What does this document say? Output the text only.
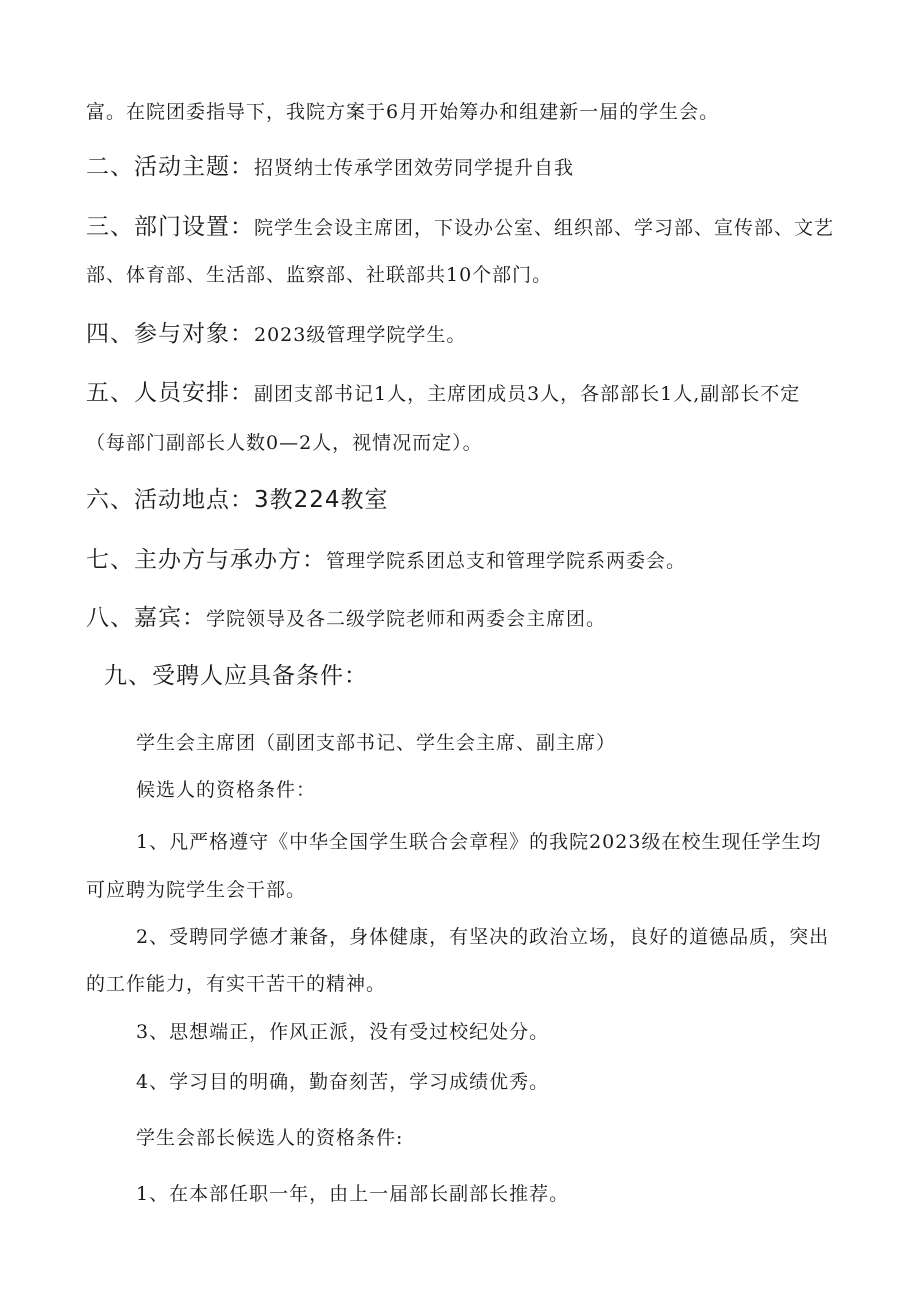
富。在院团委指导下，我院方案于6月开始筹办和组建新一届的学生会。
二、活动主题：招贤纳士传承学团效劳同学提升自我
三、部门设置：院学生会设主席团，下设办公室、组织部、学习部、宣传部、文艺
部、体育部、生活部、监察部、社联部共10个部门。
四、参与对象：2023级管理学院学生。
五、人员安排：副团支部书记1人，主席团成员3人，各部部长1人,副部长不定
（每部门副部长人数0—2人，视情况而定）。
六、活动地点：3教224教室
七、主办方与承办方：管理学院系团总支和管理学院系两委会。
八、嘉宾：学院领导及各二级学院老师和两委会主席团。
九、受聘人应具备条件：
学生会主席团（副团支部书记、学生会主席、副主席）
候选人的资格条件：
1、凡严格遵守《中华全国学生联合会章程》的我院2023级在校生现任学生均
可应聘为院学生会干部。
2、受聘同学德才兼备，身体健康，有坚决的政治立场，良好的道德品质，突出
的工作能力，有实干苦干的精神。
3、思想端正，作风正派，没有受过校纪处分。
4、学习目的明确，勤奋刻苦，学习成绩优秀。
学生会部长候选人的资格条件:
1、在本部任职一年，由上一届部长副部长推荐。
